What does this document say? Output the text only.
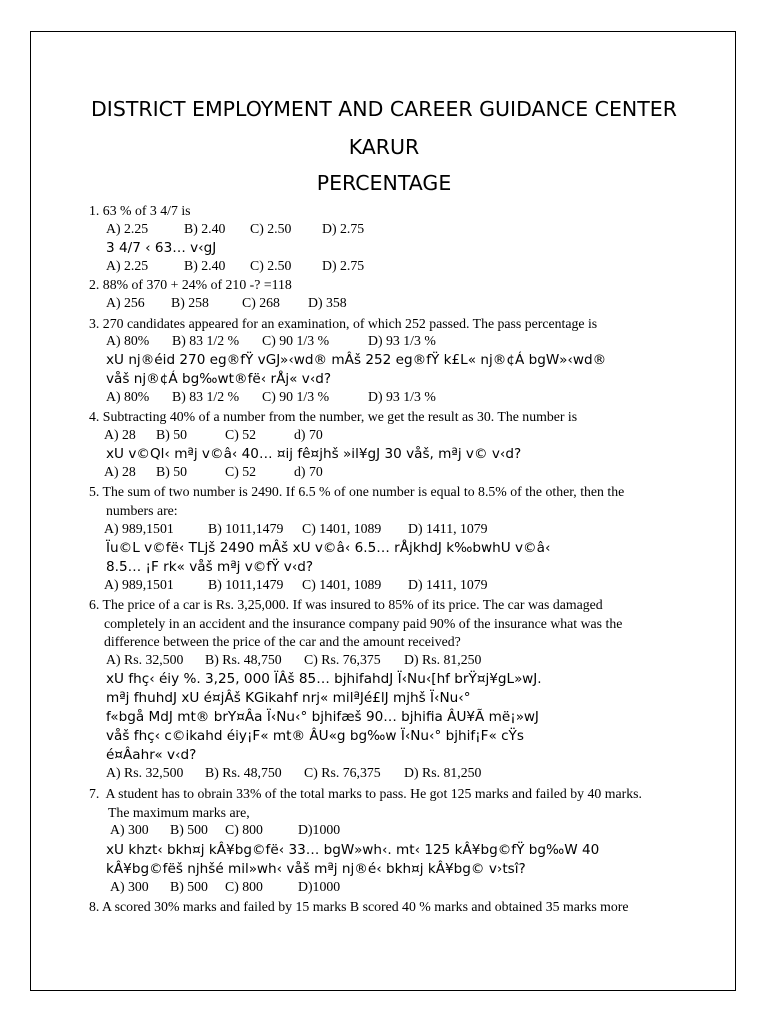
DISTRICT EMPLOYMENT AND CAREER GUIDANCE CENTER
KARUR
PERCENTAGE
1. 63 % of 3 4/7 is
A) 2.25	B) 2.40 C) 2.50 D) 2.75
3 4/7 ‹ 63… v‹gJ
A) 2.25	B) 2.40 C) 2.50 D) 2.75
2. 88% of 370 + 24% of 210 -? =118
A) 256 B) 258 C) 268 D) 358
3. 270 candidates appeared for an examination, of which 252 passed. The pass percentage is
A) 80% B) 83 1/2 % C) 90 1/3 %	D) 93 1/3 %
xU nj®éid 270 eg®fŸ vGJ»‹wd® mÂš 252 eg®fŸ k£L« nj®¢Á bgW»‹wd®
våš nj®¢Á bg‰wt®fë‹ rÅj« v‹d?
A) 80% B) 83 1/2 % C) 90 1/3 %	D) 93 1/3 %
4. Subtracting 40% of a number from the number, we get the result as 30. The number is
A) 28 B) 50	C) 52	d) 70
xU v©Ql‹ mªj v©â‹ 40… ¤ij fê¤jhš »il¥gJ 30 våš, mªj v© v‹d?
A) 28 B) 50	C) 52	d) 70
5. The sum of two number is 2490. If 6.5 % of one number is equal to 8.5% of the other, then the
numbers are:
A) 989,1501 B) 1011,1479 C) 1401, 1089 D) 1411, 1079
Ïu©L v©fë‹ TLjš 2490 mÂš xU v©â‹ 6.5… rÅjkhdJ k‰bwhU v©â‹
8.5… ¡F rk« våš mªj v©fŸ v‹d?
A) 989,1501 B) 1011,1479 C) 1401, 1089 D) 1411, 1079
6. The price of a car is Rs. 3,25,000. If was insured to 85% of its price. The car was damaged
completely in an accident and the insurance company paid 90% of the insurance what was the
difference between the price of the car and the amount received?
A) Rs. 32,500 B) Rs. 48,750 C) Rs. 76,375 D) Rs. 81,250
xU fhç‹ éiy %. 3,25, 000 ÏÂš 85… bjhifahdJ Ï‹Nu‹[hf brŸ¤j¥gL»wJ.
mªj fhuhdJ xU é¤jÂš KGikahf nrj« milªJé£lJ mjhš Ï‹Nu‹°
f«bgå MdJ mt® brY¤Âa Ï‹Nu‹° bjhifæš 90… bjhifia ÂU¥Ã më¡»wJ
våš fhç‹ c©ikahd éiy¡F« mt® ÂU«g bg‰w Ï‹Nu‹° bjhif¡F« cŸs
é¤Âahr« v‹d?
A) Rs. 32,500 B) Rs. 48,750 C) Rs. 76,375 D) Rs. 81,250
7.  A student has to obrain 33% of the total marks to pass. He got 125 marks and failed by 40 marks.
The maximum marks are,
A) 300 B) 500 C) 800	D)1000
xU khzt‹ bkh¤j kÂ¥bg©fë‹ 33… bgW»wh‹. mt‹ 125 kÂ¥bg©fŸ bg‰W 40
kÂ¥bg©fëš njhšé mil»wh‹ våš mªj nj®é‹ bkh¤j kÂ¥bg© v›tsî?
A) 300 B) 500 C) 800	D)1000
8. A scored 30% marks and failed by 15 marks B scored 40 % marks and obtained 35 marks more
